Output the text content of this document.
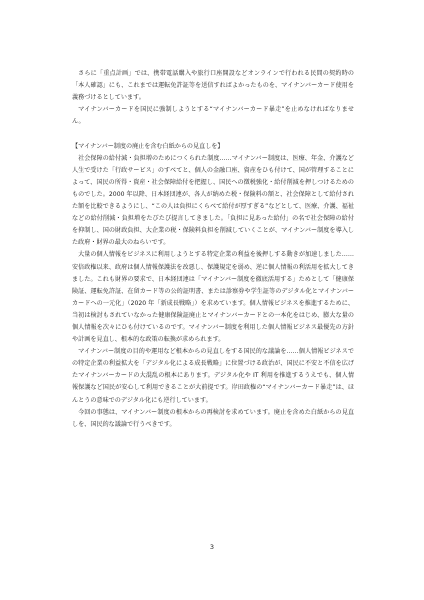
さらに「重点計画」では、携帯電話購入や旅行口座開設などオンラインで行われる民間の契約時の「本人確認」にも、これまでは運転免許証等を送信すればよかったものを、マイナンバーカード使用を義務づけるとしています。

マイナンバーカードを国民に強制しようとする“マイナンバーカード暴走”を止めなければなりません。

【マイナンバー制度の廃止を含む白紙からの見直しを】

社会保障の給付減・負担増のためにつくられた制度……マイナンバー制度は、医療、年金、介護など人生で受けた「行政サービス」のすべてと、個人の金融口座、資産をひも付けて、国が管理することによって、国民の所得・資産・社会保障給付を把握し、国民への徴税強化・給付削減を押しつけるためのものでした。2000 年以降、日本経団連が、各人が納めた税・保険料の額と、社会保障として給付された額を比較できるようにし、“この人は負担にくらべて給付が厚すぎる”などとして、医療、介護、福祉などの給付削減・負担増をたびたび提言してきました。「負担に見あった給付」の名で社会保障の給付を抑制し、国の財政負担、大企業の税・保険料負担を削減していくことが、マイナンバー制度を導入した政府・財界の最大のねらいです。

大量の個人情報をビジネスに利用しようとする特定企業の利益を後押しする動きが加速しました……安倍政権以来、政府は個人情報保護法を改悪し、保護規定を弱め、逆に個人情報の利活用を拡大してきました。これも財界の要求で、日本経団連は「マイナンバー制度を徹底活用する」ためとして「健康保険証、運転免許証、在留カード等の公的証明書、または診察券や学生証等のデジタル化とマイナンバーカードへの一元化」（2020 年「新成長戦略」）を求めています。個人情報ビジネスを推進するために、当初は検討もされていなかった健康保険証廃止とマイナンバーカードとの一本化をはじめ、膨大な量の個人情報を次々にひも付けているのです。マイナンバー制度を利用した個人情報ビジネス最優先の方針や計画を見直し、根本的な政策の転換が求められます。

マイナンバー制度の目的や運用など根本からの見直しをする国民的な議論を……個人情報ビジネスでの特定企業の利益拡大を「デジタル化による成長戦略」に位置づける政治が、国民に不安と不信を広げたマイナンバーカードの大混乱の根本にあります。デジタル化や IT 利用を推進するうえでも、個人情報保護など国民が安心して利用できることが大前提です。岸田政権の“マイナンバーカード暴走”は、ほんとうの意味でのデジタル化にも逆行しています。

今回の事態は、マイナンバー制度の根本からの再検討を求めています。廃止を含めた白紙からの見直しを、国民的な議論で行うべきです。

3
